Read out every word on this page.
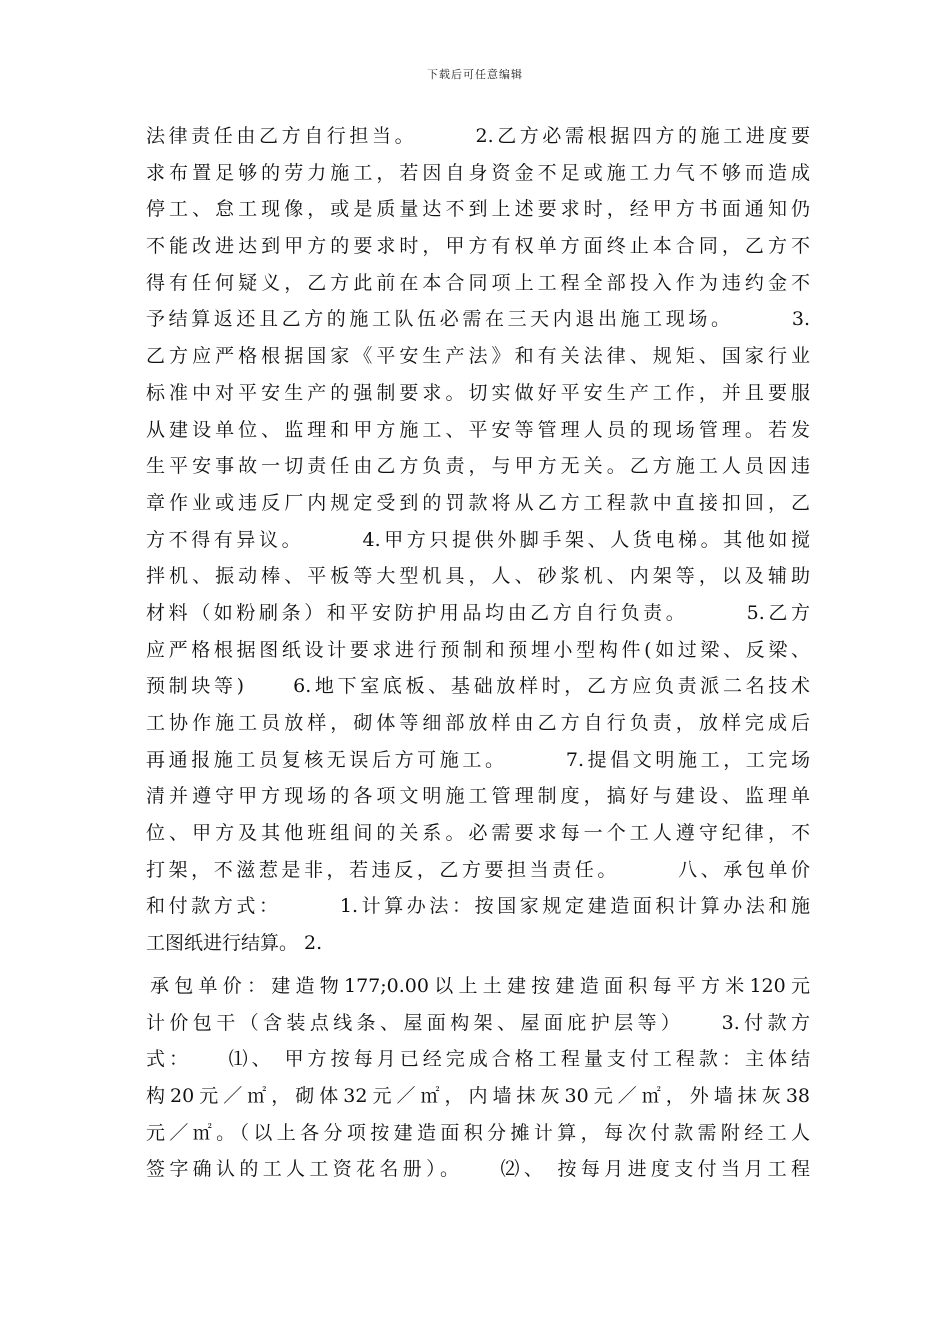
下载后可任意编辑
法律责任由乙方自行担当。　　　2.乙方必需根据四方的施工进度要
求布置足够的劳力施工，若因自身资金不足或施工力气不够而造成
停工、怠工现像，或是质量达不到上述要求时，经甲方书面通知仍
不能改进达到甲方的要求时，甲方有权单方面终止本合同，乙方不
得有任何疑义，乙方此前在本合同项上工程全部投入作为违约金不
予结算返还且乙方的施工队伍必需在三天内退出施工现场。　　　3.
乙方应严格根据国家《平安生产法》和有关法律、规矩、国家行业
标准中对平安生产的强制要求。切实做好平安生产工作，并且要服
从建设单位、监理和甲方施工、平安等管理人员的现场管理。若发
生平安事故一切责任由乙方负责，与甲方无关。乙方施工人员因违
章作业或违反厂内规定受到的罚款将从乙方工程款中直接扣回，乙
方不得有异议。　　　4.甲方只提供外脚手架、人货电梯。其他如搅
拌机、振动棒、平板等大型机具，人、砂浆机、内架等，以及辅助
材料（如粉刷条）和平安防护用品均由乙方自行负责。　　　5.乙方
应严格根据图纸设计要求进行预制和预埋小型构件(如过梁、反梁、
预制块等)　　6.地下室底板、基础放样时，乙方应负责派二名技术
工协作施工员放样，砌体等细部放样由乙方自行负责，放样完成后
再通报施工员复核无误后方可施工。　　　7.提倡文明施工，工完场
清并遵守甲方现场的各项文明施工管理制度，搞好与建设、监理单
位、甲方及其他班组间的关系。必需要求每一个工人遵守纪律，不
打架，不滋惹是非，若违反，乙方要担当责任。　　　八、承包单价
和付款方式：　　　1.计算办法：按国家规定建造面积计算办法和施
工图纸进行结算。 2.
承包单价：建造物177;0.00以上土建按建造面积每平方米120元
计价包干（含装点线条、屋面构架、屋面庇护层等）　　3.付款方
式：　　⑴、 甲方按每月已经完成合格工程量支付工程款：主体结
构20元／㎡，砌体32元／㎡，内墙抹灰30元／㎡，外墙抹灰38
元／㎡。（以上各分项按建造面积分摊计算，每次付款需附经工人
签字确认的工人工资花名册）。　　⑵、 按每月进度支付当月工程
